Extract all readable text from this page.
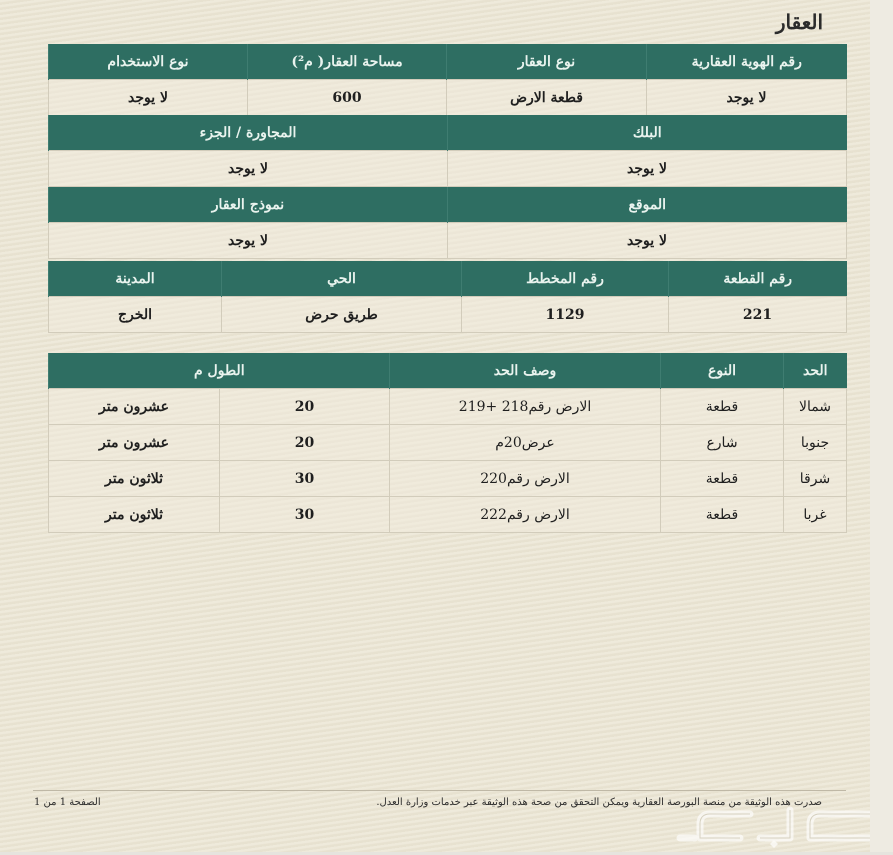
العقار
رقم الهوية العقارية	نوع العقار	مساحة العقار( م²)	نوع الاستخدام
لا يوجد	قطعة الارض	600	لا يوجد
البلك	المجاورة / الجزء
لا يوجد	لا يوجد
الموقع	نموذج العقار
لا يوجد	لا يوجد
رقم القطعة	رقم المخطط	الحي	المدينة
221	1129	طريق حرض	الخرج
الحد	النوع	وصف الحد	الطول م	
شمالا	قطعة	الارض رقم218 +219	20	عشرون متر
جنوبا	شارع	عرض20م	20	عشرون متر
شرقا	قطعة	الارض رقم220	30	ثلاثون متر
غربا	قطعة	الارض رقم222	30	ثلاثون متر
صدرت هذه الوثيقة من منصة البورصة العقارية ويمكن التحقق من صحة هذه الوثيقة عبر خدمات وزارة العدل.
الصفحة 1 من 1
